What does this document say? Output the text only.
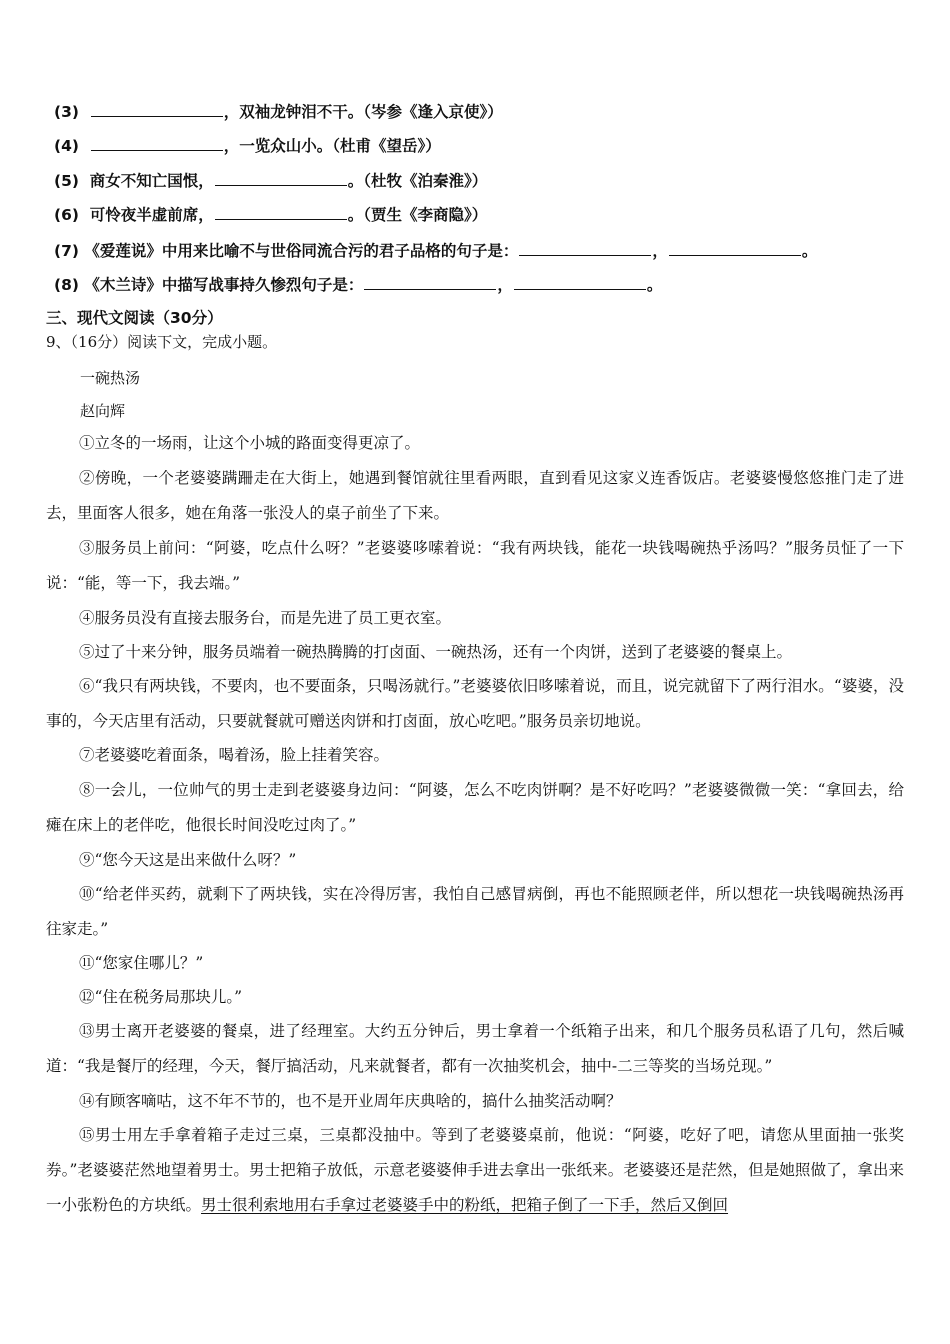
(3)	，双袖龙钟泪不干。（岑参《逢入京使》）
(4)	，一览众山小。（杜甫《望岳》）
(5) 商女不知亡国恨，	。（杜牧《泊秦淮》）
(6) 可怜夜半虚前席，	。（贾生《李商隐》）
(7) 《爱莲说》中用来比喻不与世俗同流合污的君子品格的句子是：	，	。
(8) 《木兰诗》中描写战事持久惨烈句子是：	，	。
三、现代文阅读（30分）
9、（16分）阅读下文，完成小题。
一碗热汤
赵向辉
①立冬的一场雨，让这个小城的路面变得更凉了。
②傍晚，一个老婆婆蹒跚走在大街上，她遇到餐馆就往里看两眼，直到看见这家义连香饭店。老婆婆慢悠悠推门走了进去，里面客人很多，她在角落一张没人的桌子前坐了下来。
③服务员上前问：“阿婆，吃点什么呀？”老婆婆哆嗦着说：“我有两块钱，能花一块钱喝碗热乎汤吗？”服务员怔了一下说：“能，等一下，我去端。”
④服务员没有直接去服务台，而是先进了员工更衣室。
⑤过了十来分钟，服务员端着一碗热腾腾的打卤面、一碗热汤，还有一个肉饼，送到了老婆婆的餐桌上。
⑥“我只有两块钱，不要肉，也不要面条，只喝汤就行。”老婆婆依旧哆嗦着说，而且，说完就留下了两行泪水。“婆婆，没事的，今天店里有活动，只要就餐就可赠送肉饼和打卤面，放心吃吧。”服务员亲切地说。
⑦老婆婆吃着面条，喝着汤，脸上挂着笑容。
⑧一会儿，一位帅气的男士走到老婆婆身边问：“阿婆，怎么不吃肉饼啊？是不好吃吗？”老婆婆微微一笑：“拿回去，给瘫在床上的老伴吃，他很长时间没吃过肉了。”
⑨“您今天这是出来做什么呀？”
⑩“给老伴买药，就剩下了两块钱，实在冷得厉害，我怕自己感冒病倒，再也不能照顾老伴，所以想花一块钱喝碗热汤再往家走。”
⑪“您家住哪儿？”
⑫“住在税务局那块儿。”
⑬男士离开老婆婆的餐桌，进了经理室。大约五分钟后，男士拿着一个纸箱子出来，和几个服务员私语了几句，然后喊道：“我是餐厅的经理，今天，餐厅搞活动，凡来就餐者，都有一次抽奖机会，抽中-二三等奖的当场兑现。”
⑭有顾客嘀咕，这不年不节的，也不是开业周年庆典啥的，搞什么抽奖活动啊？
⑮男士用左手拿着箱子走过三桌，三桌都没抽中。等到了老婆婆桌前，他说：“阿婆，吃好了吧，请您从里面抽一张奖券。”老婆婆茫然地望着男士。男士把箱子放低，示意老婆婆伸手进去拿出一张纸来。老婆婆还是茫然，但是她照做了，拿出来一小张粉色的方块纸。男士很利索地用右手拿过老婆婆手中的粉纸，把箱子倒了一下手，然后又倒回
